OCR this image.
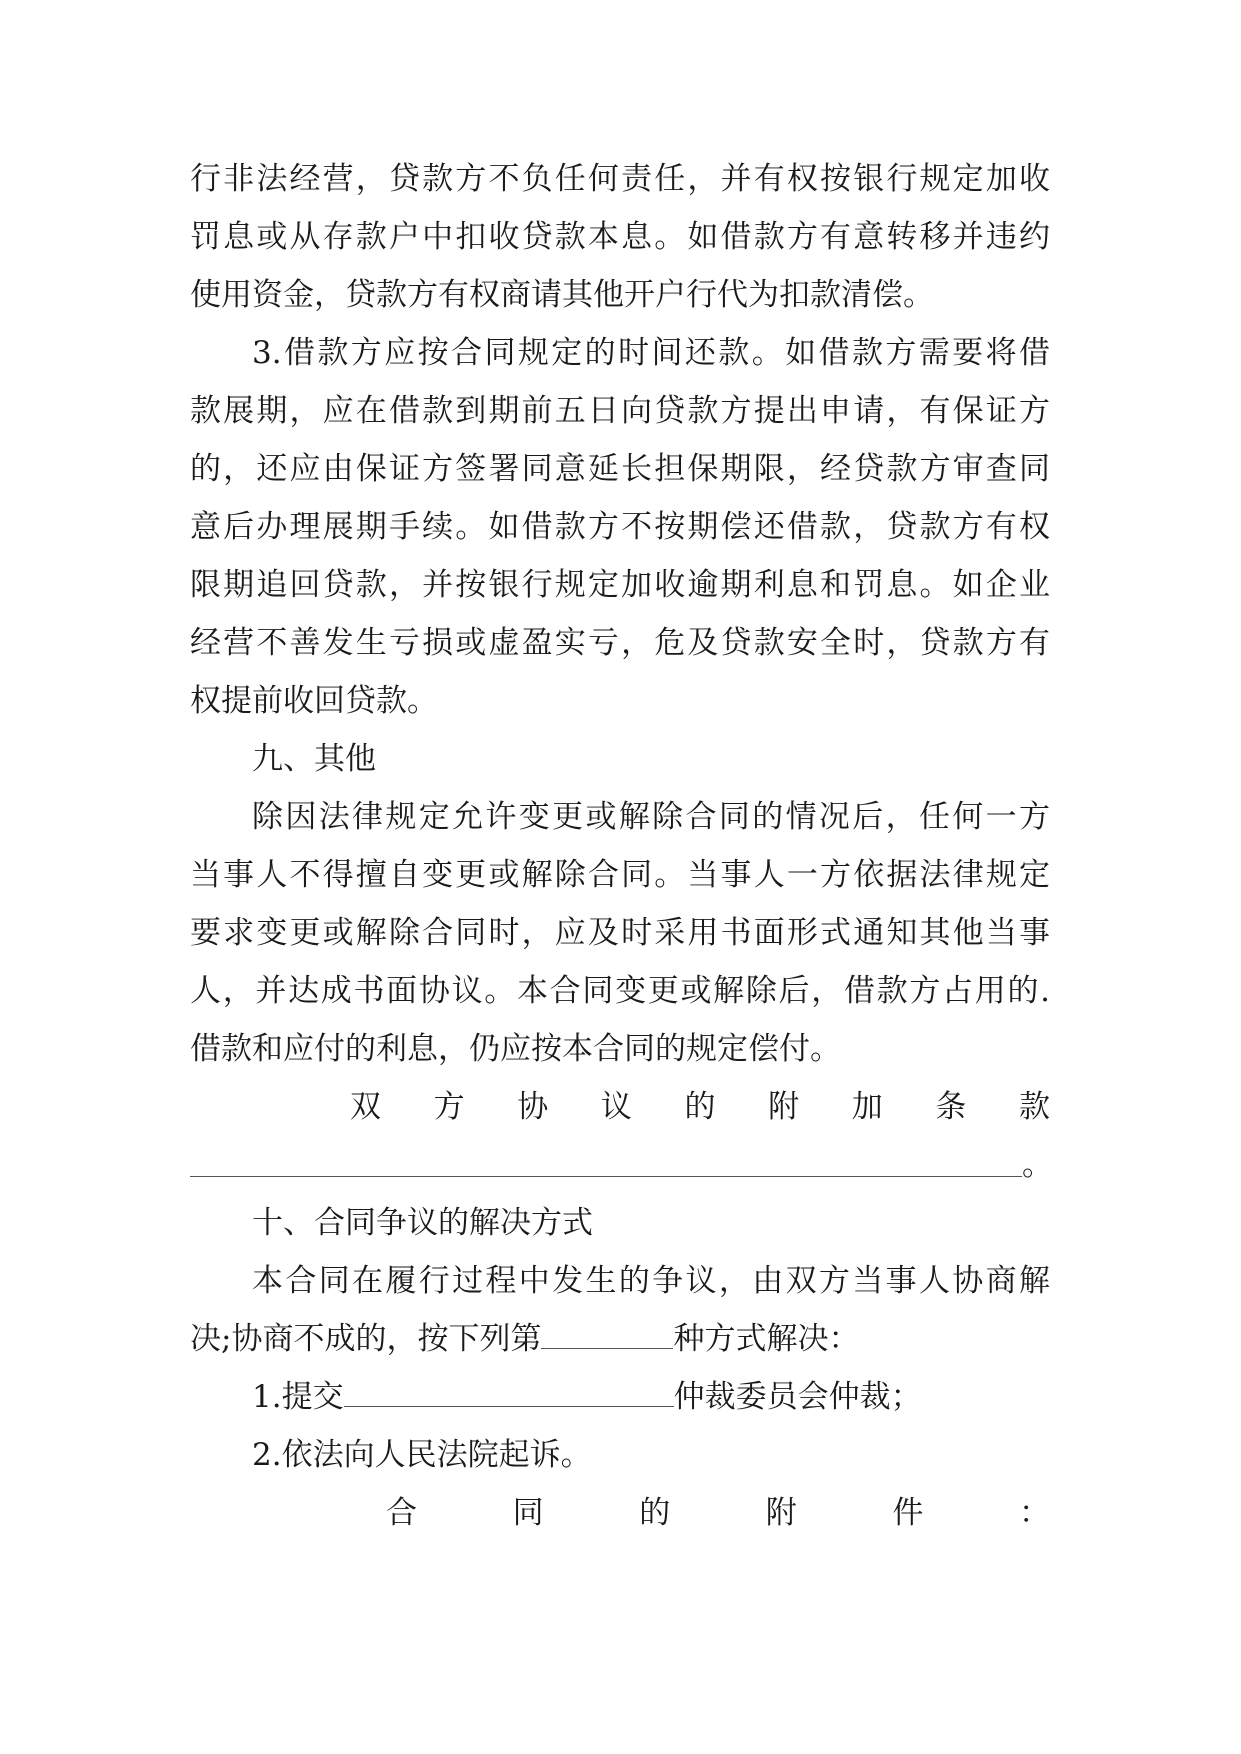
行非法经营，贷款方不负任何责任，并有权按银行规定加收
罚息或从存款户中扣收贷款本息。如借款方有意转移并违约
使用资金，贷款方有权商请其他开户行代为扣款清偿。
3.借款方应按合同规定的时间还款。如借款方需要将借
款展期，应在借款到期前五日向贷款方提出申请，有保证方
的，还应由保证方签署同意延长担保期限，经贷款方审查同
意后办理展期手续。如借款方不按期偿还借款，贷款方有权
限期追回贷款，并按银行规定加收逾期利息和罚息。如企业
经营不善发生亏损或虚盈实亏，危及贷款安全时，贷款方有
权提前收回贷款。
九、其他
除因法律规定允许变更或解除合同的情况后，任何一方
当事人不得擅自变更或解除合同。当事人一方依据法律规定
要求变更或解除合同时，应及时采用书面形式通知其他当事
人，并达成书面协议。本合同变更或解除后，借款方占用的.
借款和应付的利息，仍应按本合同的规定偿付。
双 方 协 议 的 附 加 条 款
。
十、合同争议的解决方式
本合同在履行过程中发生的争议，由双方当事人协商解
决;协商不成的，按下列第	种方式解决：
1.提交	仲裁委员会仲裁；
2.依法向人民法院起诉。
合	同	的	附	件	：
